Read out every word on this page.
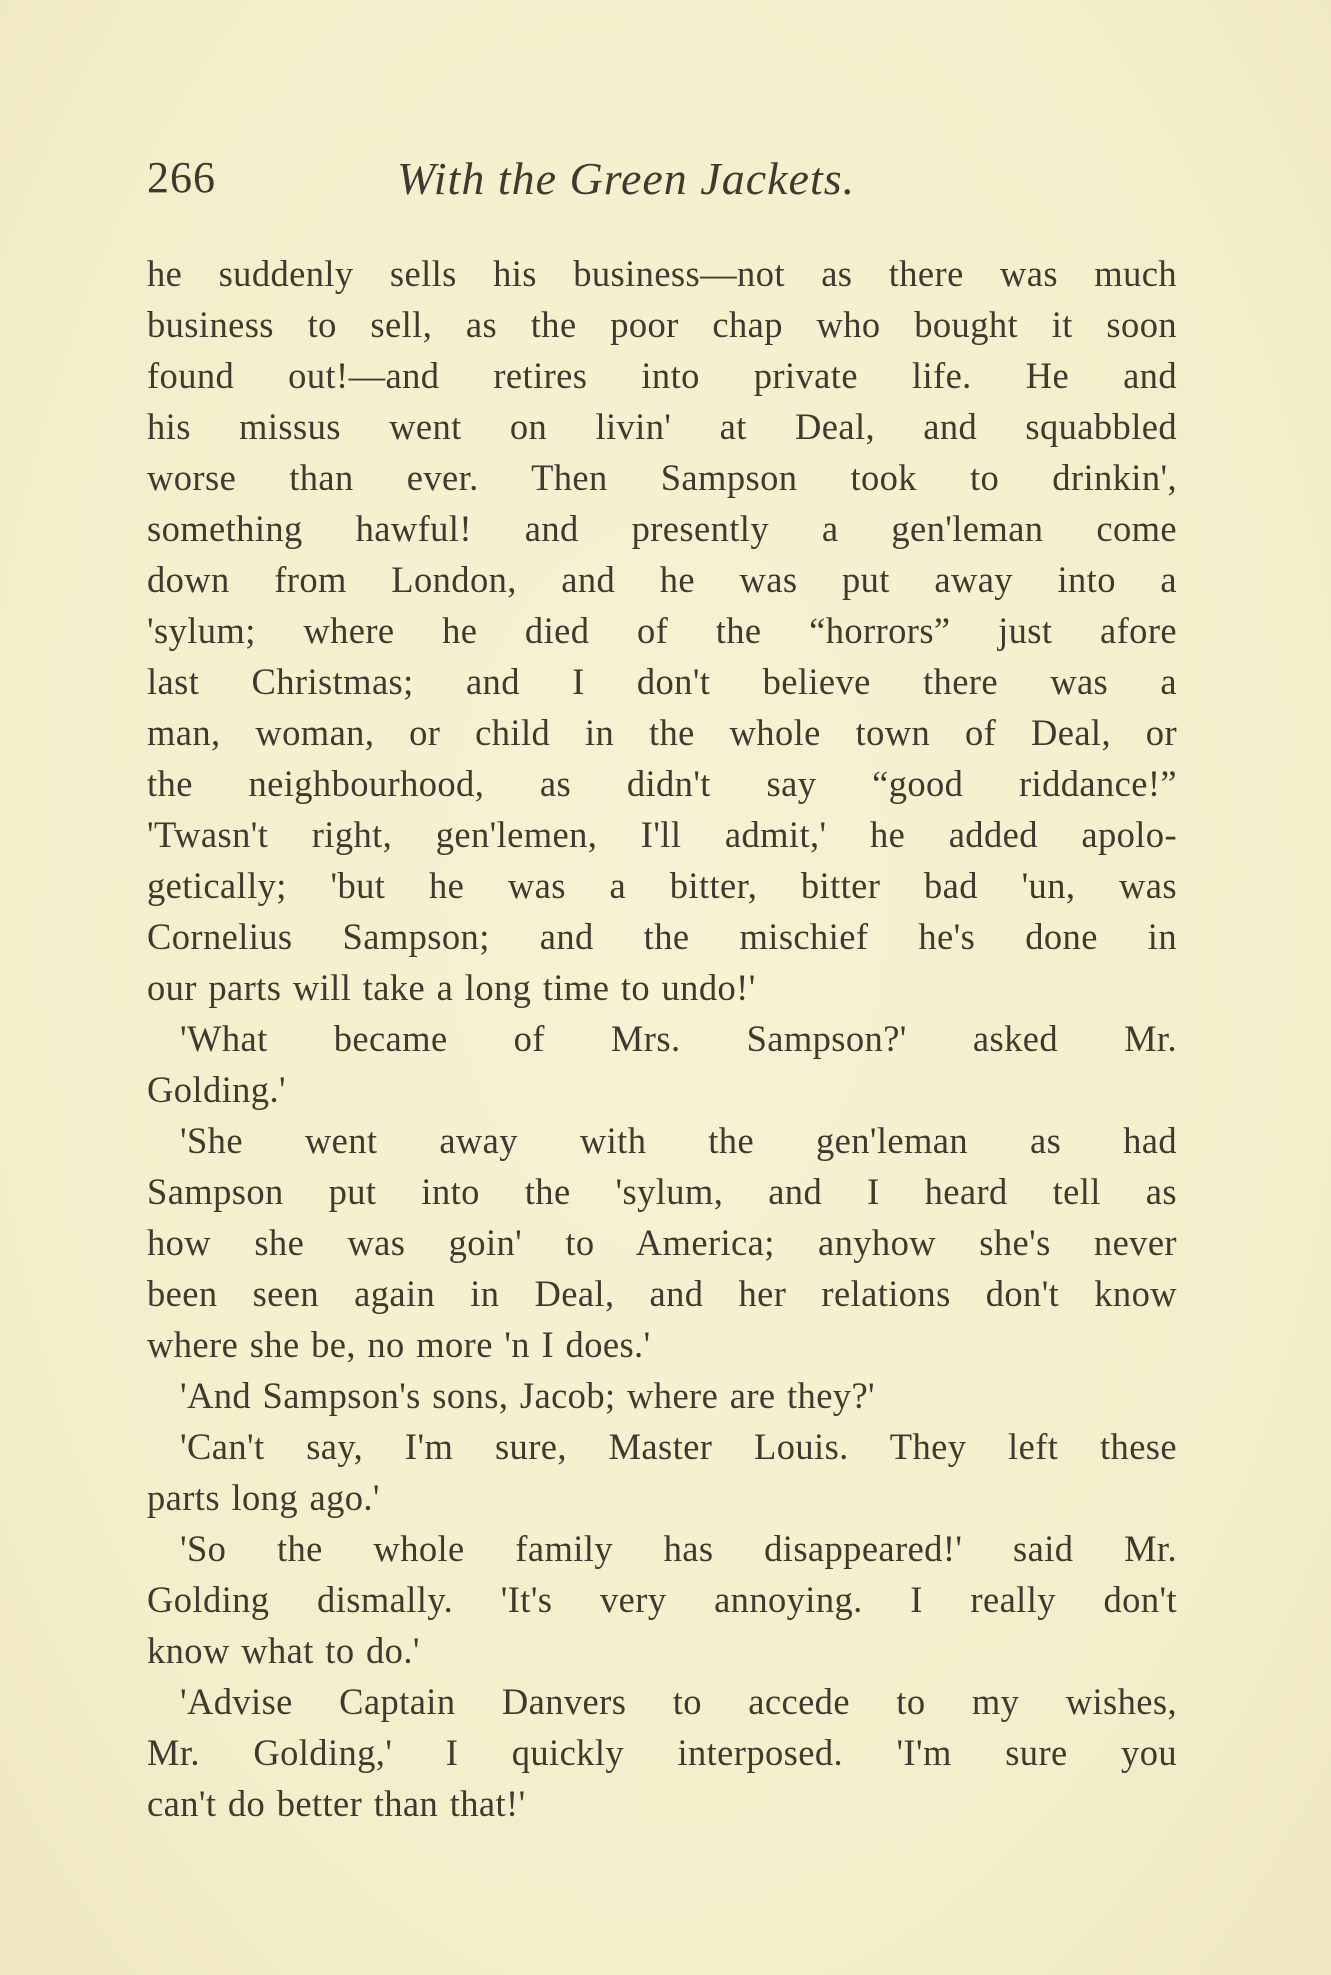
266	With the Green Jackets.
he suddenly sells his business—not as there was much
business to sell, as the poor chap who bought it soon
found out!—and retires into private life. He and
his missus went on livin' at Deal, and squabbled
worse than ever. Then Sampson took to drinkin',
something hawful! and presently a gen'leman come
down from London, and he was put away into a
'sylum; where he died of the “horrors” just afore
last Christmas; and I don't believe there was a
man, woman, or child in the whole town of Deal, or
the neighbourhood, as didn't say “good riddance!”
'Twasn't right, gen'lemen, I'll admit,' he added apolo-
getically; 'but he was a bitter, bitter bad 'un, was
Cornelius Sampson; and the mischief he's done in
our parts will take a long time to undo!'
'What became of Mrs. Sampson?' asked Mr.
Golding.'
'She went away with the gen'leman as had
Sampson put into the 'sylum, and I heard tell as
how she was goin' to America; anyhow she's never
been seen again in Deal, and her relations don't know
where she be, no more 'n I does.'
'And Sampson's sons, Jacob; where are they?'
'Can't say, I'm sure, Master Louis. They left these
parts long ago.'
'So the whole family has disappeared!' said Mr.
Golding dismally. 'It's very annoying. I really don't
know what to do.'
'Advise Captain Danvers to accede to my wishes,
Mr. Golding,' I quickly interposed. 'I'm sure you
can't do better than that!'
